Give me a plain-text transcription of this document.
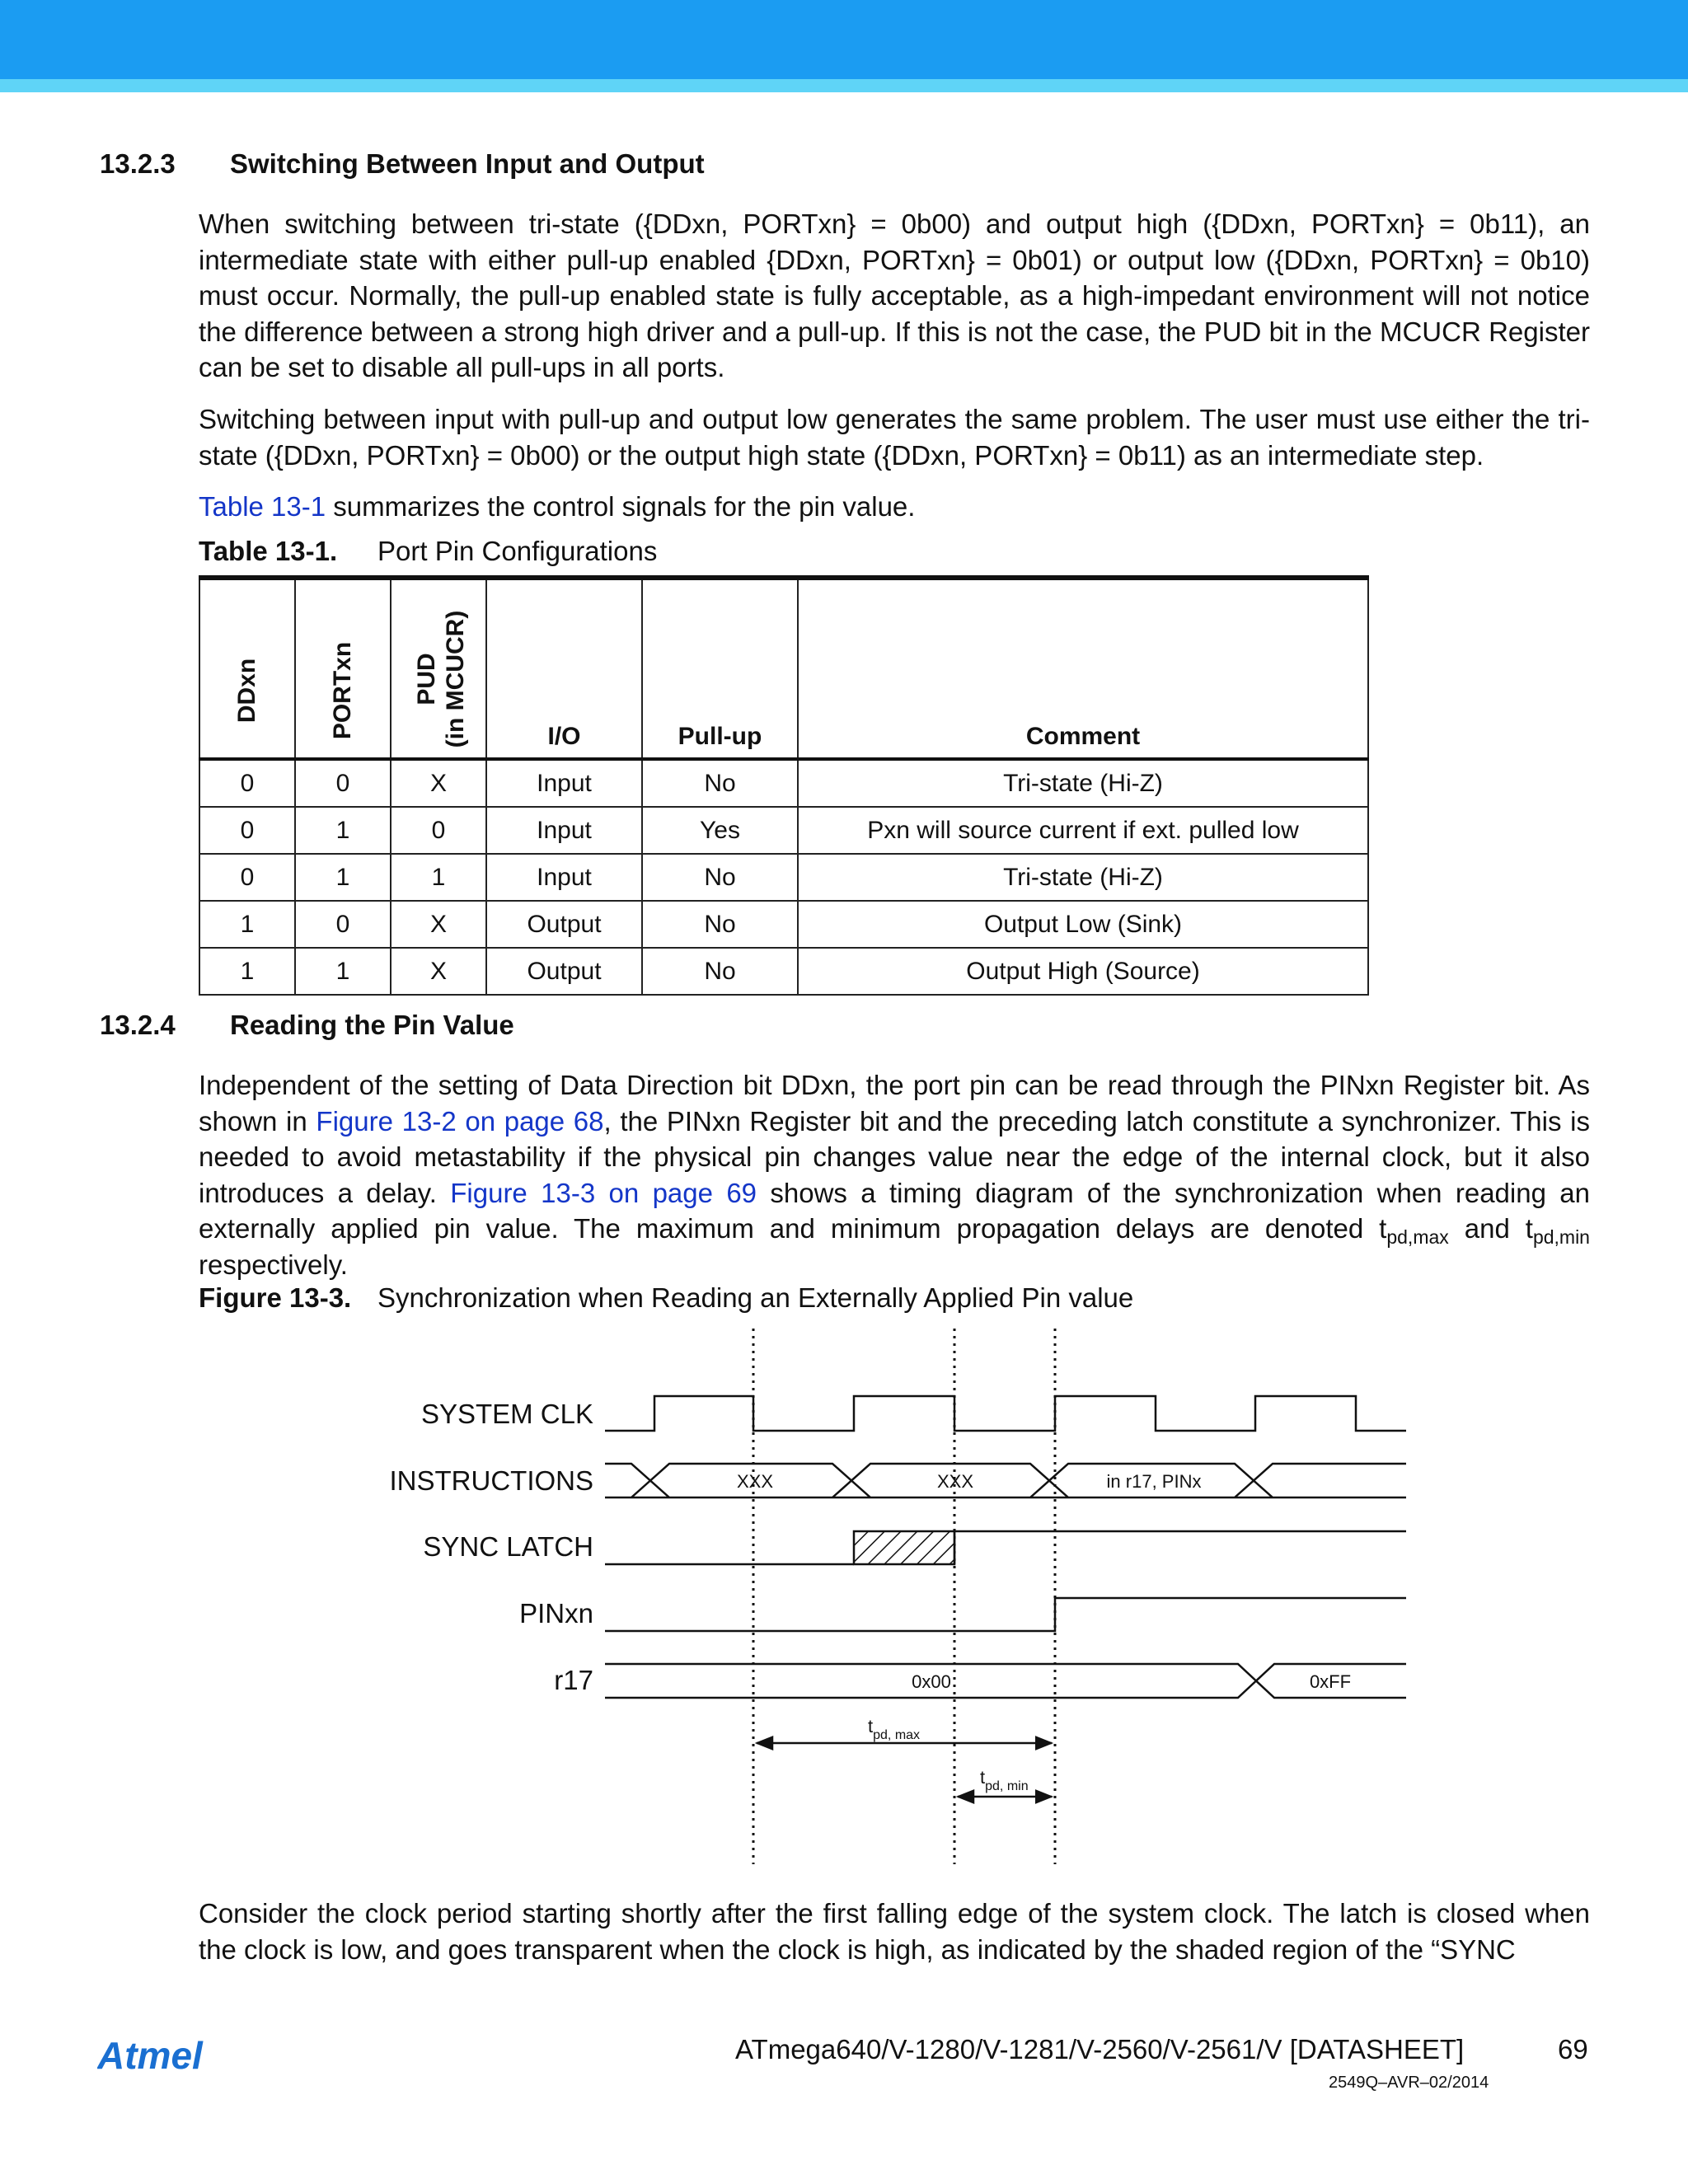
13.2.3 Switching Between Input and Output
When switching between tri-state ({DDxn, PORTxn} = 0b00) and output high ({DDxn, PORTxn} = 0b11), an intermediate state with either pull-up enabled {DDxn, PORTxn} = 0b01) or output low ({DDxn, PORTxn} = 0b10) must occur. Normally, the pull-up enabled state is fully acceptable, as a high-impedant environment will not notice the difference between a strong high driver and a pull-up. If this is not the case, the PUD bit in the MCUCR Register can be set to disable all pull-ups in all ports.
Switching between input with pull-up and output low generates the same problem. The user must use either the tri-state ({DDxn, PORTxn} = 0b00) or the output high state ({DDxn, PORTxn} = 0b11) as an intermediate step.
Table 13-1 summarizes the control signals for the pin value.
Table 13-1. Port Pin Configurations
DDxn	PORTxn	PUD (in MCUCR)	I/O	Pull-up	Comment
0	0	X	Input	No	Tri-state (Hi-Z)
0	1	0	Input	Yes	Pxn will source current if ext. pulled low
0	1	1	Input	No	Tri-state (Hi-Z)
1	0	X	Output	No	Output Low (Sink)
1	1	X	Output	No	Output High (Source)
13.2.4 Reading the Pin Value
Independent of the setting of Data Direction bit DDxn, the port pin can be read through the PINxn Register bit. As shown in Figure 13-2 on page 68, the PINxn Register bit and the preceding latch constitute a synchronizer. This is needed to avoid metastability if the physical pin changes value near the edge of the internal clock, but it also introduces a delay. Figure 13-3 on page 69 shows a timing diagram of the synchronization when reading an externally applied pin value. The maximum and minimum propagation delays are denoted $t_{pd,max}$ and $t_{pd,min}$ respectively.
Figure 13-3. Synchronization when Reading an Externally Applied Pin value
SYSTEM CLK
INSTRUCTIONS
SYNC LATCH
PINxn
r17
XXX	XXX	in r17, PINx
0x00	0xFF
$t_{pd, max}$
$t_{pd, min}$
Consider the clock period starting shortly after the first falling edge of the system clock. The latch is closed when the clock is low, and goes transparent when the clock is high, as indicated by the shaded region of the “SYNC
Atmel	ATmega640/V-1280/V-1281/V-2560/V-2561/V [DATASHEET]	69
2549Q–AVR–02/2014
